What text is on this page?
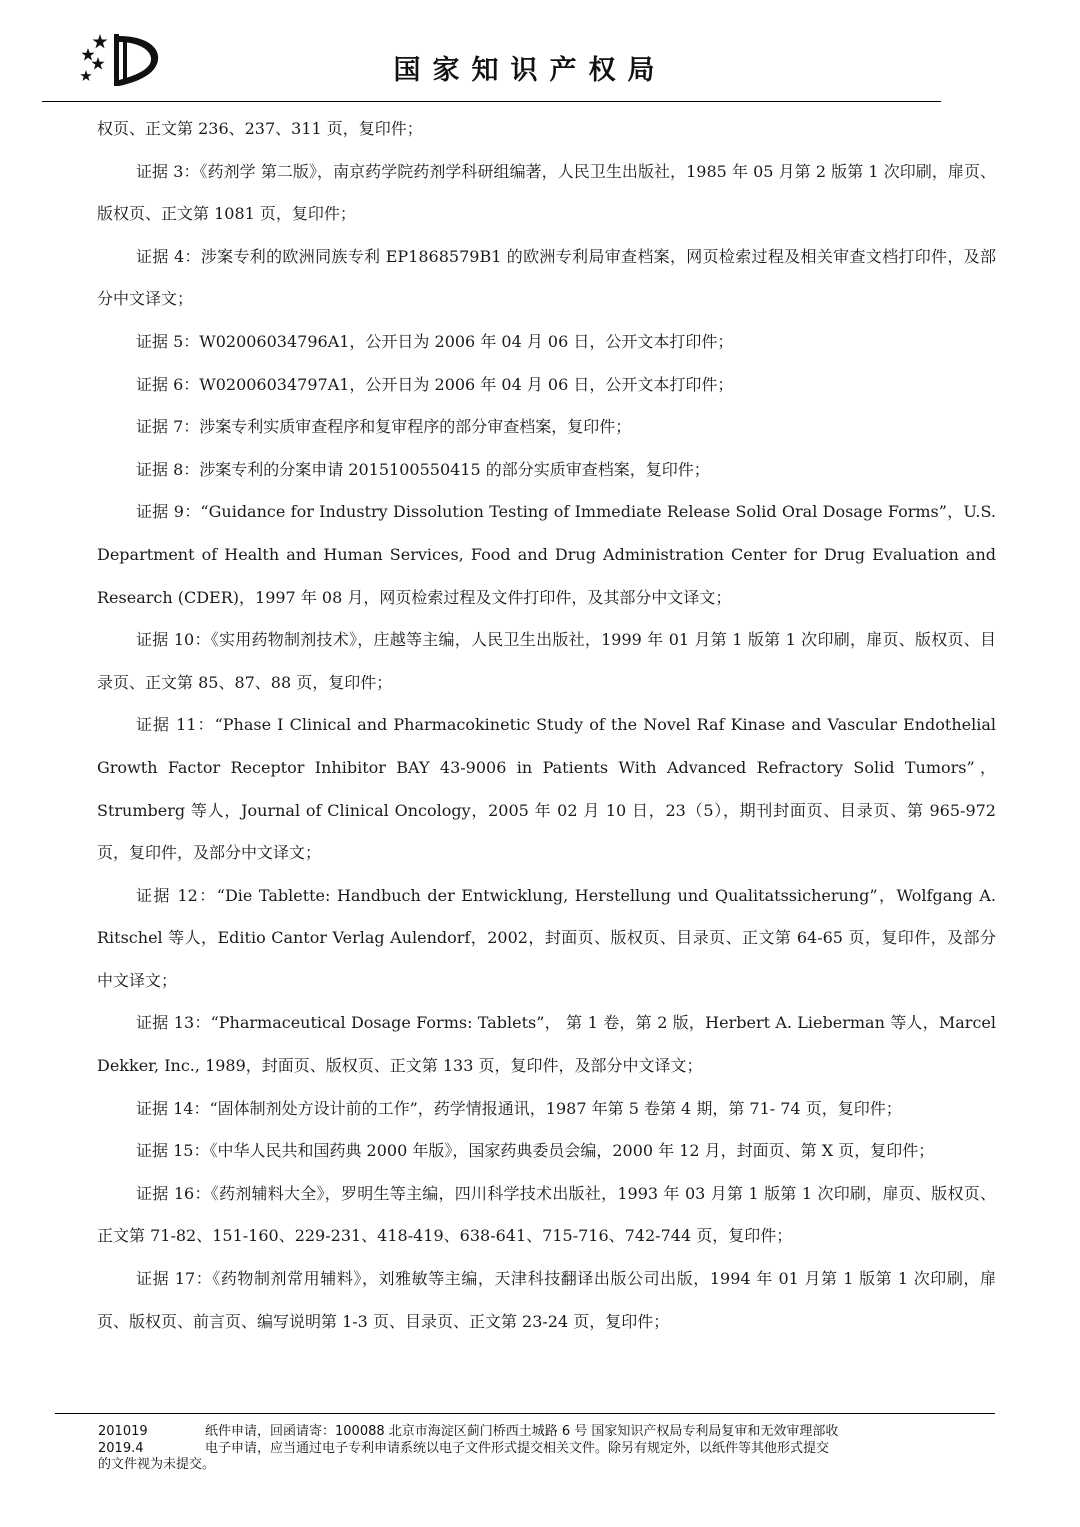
国家知识产权局

权页、正文第 236、237、311 页，复印件；

证据 3：《药剂学 第二版》，南京药学院药剂学科研组编著，人民卫生出版社，1985 年 05 月第 2 版第 1 次印刷，扉页、版权页、正文第 1081 页，复印件；

证据 4：涉案专利的欧洲同族专利 EP1868579B1 的欧洲专利局审查档案，网页检索过程及相关审查文档打印件，及部分中文译文；

证据 5：W02006034796A1，公开日为 2006 年 04 月 06 日，公开文本打印件；

证据 6：W02006034797A1，公开日为 2006 年 04 月 06 日，公开文本打印件；

证据 7：涉案专利实质审查程序和复审程序的部分审查档案，复印件；

证据 8：涉案专利的分案申请 2015100550415 的部分实质审查档案，复印件；

证据 9：“Guidance for Industry Dissolution Testing of Immediate Release Solid Oral Dosage Forms”，U.S. Department of Health and Human Services, Food and Drug Administration Center for Drug Evaluation and Research (CDER)，1997 年 08 月，网页检索过程及文件打印件，及其部分中文译文；

证据 10：《实用药物制剂技术》，庄越等主编，人民卫生出版社，1999 年 01 月第 1 版第 1 次印刷，扉页、版权页、目录页、正文第 85、87、88 页，复印件；

证据 11：“Phase I Clinical and Pharmacokinetic Study of the Novel Raf Kinase and Vascular Endothelial Growth Factor Receptor Inhibitor BAY 43-9006 in Patients With Advanced Refractory Solid Tumors”，Strumberg 等人，Journal of Clinical Oncology，2005 年 02 月 10 日，23（5），期刊封面页、目录页、第 965-972 页，复印件，及部分中文译文；

证据 12：“Die Tablette: Handbuch der Entwicklung, Herstellung und Qualitatssicherung”，Wolfgang A. Ritschel 等人，Editio Cantor Verlag Aulendorf，2002，封面页、版权页、目录页、正文第 64-65 页，复印件，及部分中文译文；

证据 13：“Pharmaceutical Dosage Forms: Tablets”， 第 1 卷，第 2 版，Herbert A. Lieberman 等人，Marcel Dekker, Inc., 1989，封面页、版权页、正文第 133 页，复印件，及部分中文译文；

证据 14：“固体制剂处方设计前的工作”，药学情报通讯，1987 年第 5 卷第 4 期，第 71- 74 页，复印件；

证据 15：《中华人民共和国药典 2000 年版》，国家药典委员会编，2000 年 12 月，封面页、第 X 页，复印件；

证据 16：《药剂辅料大全》，罗明生等主编，四川科学技术出版社，1993 年 03 月第 1 版第 1 次印刷，扉页、版权页、正文第 71-82、151-160、229-231、418-419、638-641、715-716、742-744 页，复印件；

证据 17：《药物制剂常用辅料》，刘雅敏等主编，天津科技翻译出版公司出版，1994 年 01 月第 1 版第 1 次印刷，扉页、版权页、前言页、编写说明第 1-3 页、目录页、正文第 23-24 页，复印件；

201019	纸件申请，回函请寄：100088 北京市海淀区蓟门桥西土城路 6 号 国家知识产权局专利局复审和无效审理部收
2019.4	电子申请，应当通过电子专利申请系统以电子文件形式提交相关文件。除另有规定外，以纸件等其他形式提交
的文件视为未提交。
